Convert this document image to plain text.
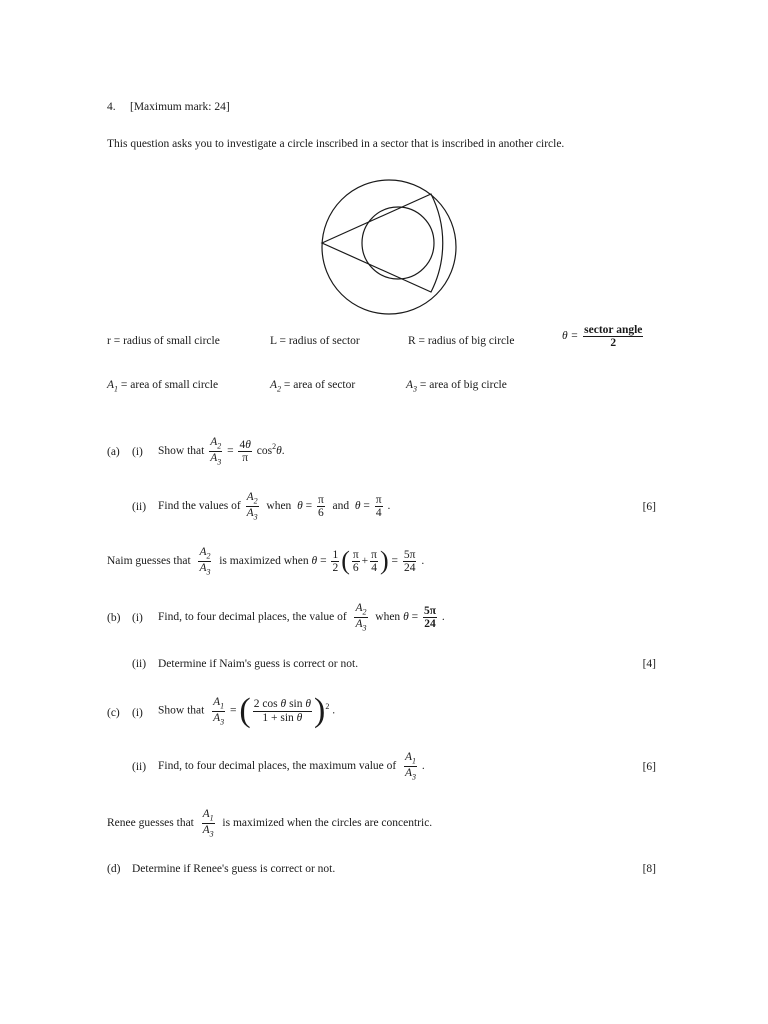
4. [Maximum mark: 24]
This question asks you to investigate a circle inscribed in a sector that is inscribed in another circle.
r = radius of small circle	L = radius of sector	R = radius of big circle	$\theta = \frac{\text{sector angle}}{2}$
$A_1$ = area of small circle	$A_2$ = area of sector	$A_3$ = area of big circle
(a) (i) Show that $\frac{A_2}{A_3} = \frac{4\theta}{\pi} \cos^2\theta$.
(ii) Find the values of $\frac{A_2}{A_3}$ when $\theta = \frac{\pi}{6}$ and $\theta = \frac{\pi}{4}$ .	[6]
Naim guesses that $\frac{A_2}{A_3}$ is maximized when $\theta = \frac{1}{2}$ ( $\frac{\pi}{6} + \frac{\pi}{4}$ ) = $\frac{5\pi}{24}$ .
(b) (i) Find, to four decimal places, the value of $\frac{A_2}{A_3}$ when $\theta = \frac{5\pi}{24}$ .
(ii) Determine if Naim's guess is correct or not.	[4]
(c) (i) Show that $\frac{A_1}{A_3}$ = ( $\frac{\text{2 cos θ sin θ}}{\text{1 + sin θ}} )^2$ .
(ii) Find, to four decimal places, the maximum value of $\frac{A_1}{A_3}$ .	[6]
Renee guesses that $\frac{A_1}{A_3}$ is maximized when the circles are concentric.
(d) Determine if Renee's guess is correct or not.	[8]
